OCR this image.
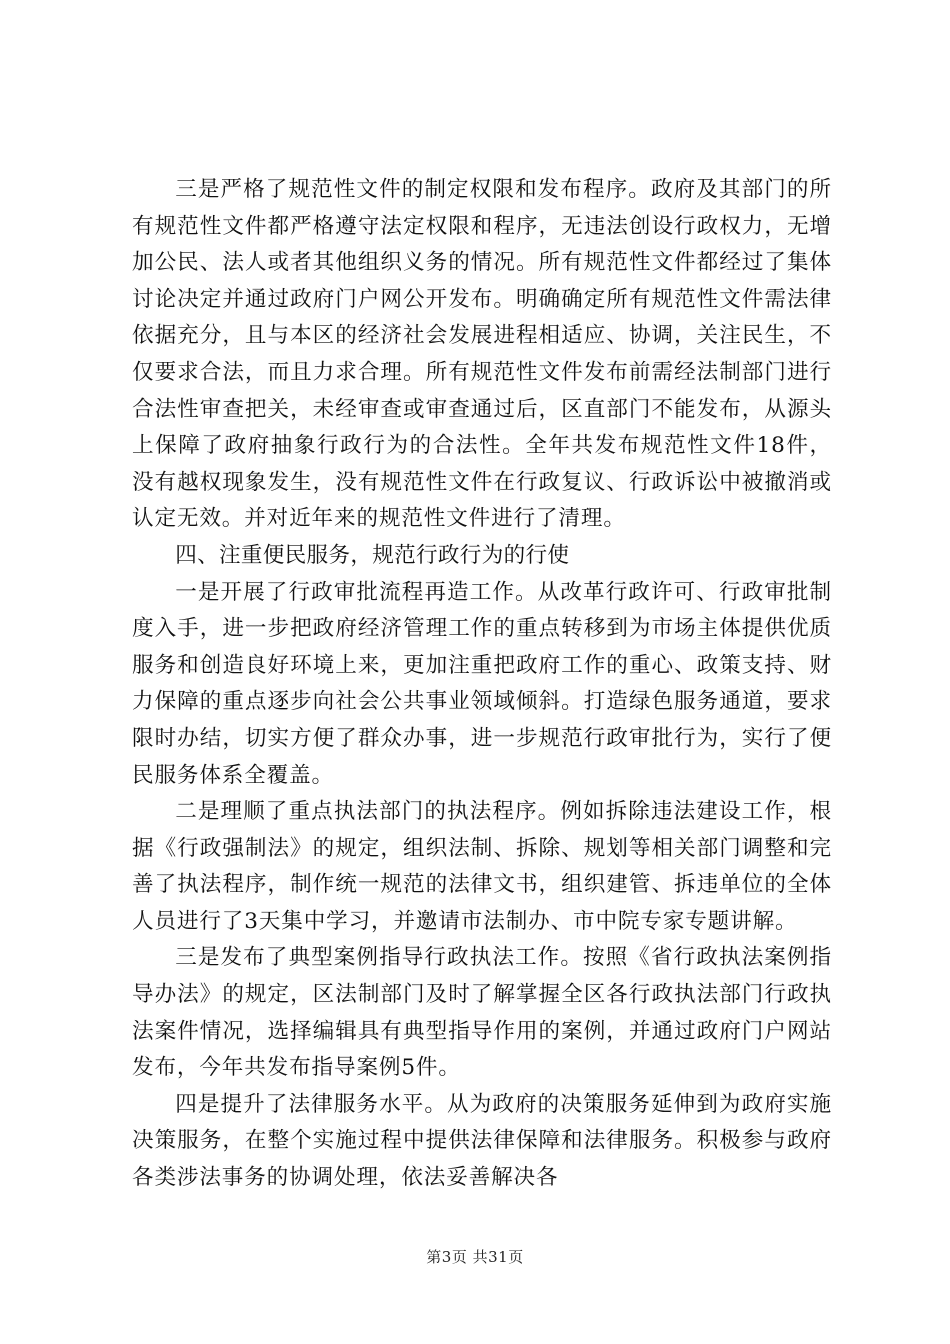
三是严格了规范性文件的制定权限和发布程序。政府及其部门的所有规范性文件都严格遵守法定权限和程序，无违法创设行政权力，无增加公民、法人或者其他组织义务的情况。所有规范性文件都经过了集体讨论决定并通过政府门户网公开发布。明确确定所有规范性文件需法律依据充分，且与本区的经济社会发展进程相适应、协调，关注民生，不仅要求合法，而且力求合理。所有规范性文件发布前需经法制部门进行合法性审查把关，未经审查或审查通过后，区直部门不能发布，从源头上保障了政府抽象行政行为的合法性。全年共发布规范性文件18件，没有越权现象发生，没有规范性文件在行政复议、行政诉讼中被撤消或认定无效。并对近年来的规范性文件进行了清理。

四、注重便民服务，规范行政行为的行使

一是开展了行政审批流程再造工作。从改革行政许可、行政审批制度入手，进一步把政府经济管理工作的重点转移到为市场主体提供优质服务和创造良好环境上来，更加注重把政府工作的重心、政策支持、财力保障的重点逐步向社会公共事业领域倾斜。打造绿色服务通道，要求限时办结，切实方便了群众办事，进一步规范行政审批行为，实行了便民服务体系全覆盖。

二是理顺了重点执法部门的执法程序。例如拆除违法建设工作，根据《行政强制法》的规定，组织法制、拆除、规划等相关部门调整和完善了执法程序，制作统一规范的法律文书，组织建管、拆违单位的全体人员进行了3天集中学习，并邀请市法制办、市中院专家专题讲解。

三是发布了典型案例指导行政执法工作。按照《省行政执法案例指导办法》的规定，区法制部门及时了解掌握全区各行政执法部门行政执法案件情况，选择编辑具有典型指导作用的案例，并通过政府门户网站发布，今年共发布指导案例5件。

四是提升了法律服务水平。从为政府的决策服务延伸到为政府实施决策服务，在整个实施过程中提供法律保障和法律服务。积极参与政府各类涉法事务的协调处理，依法妥善解决各

第3页 共31页
